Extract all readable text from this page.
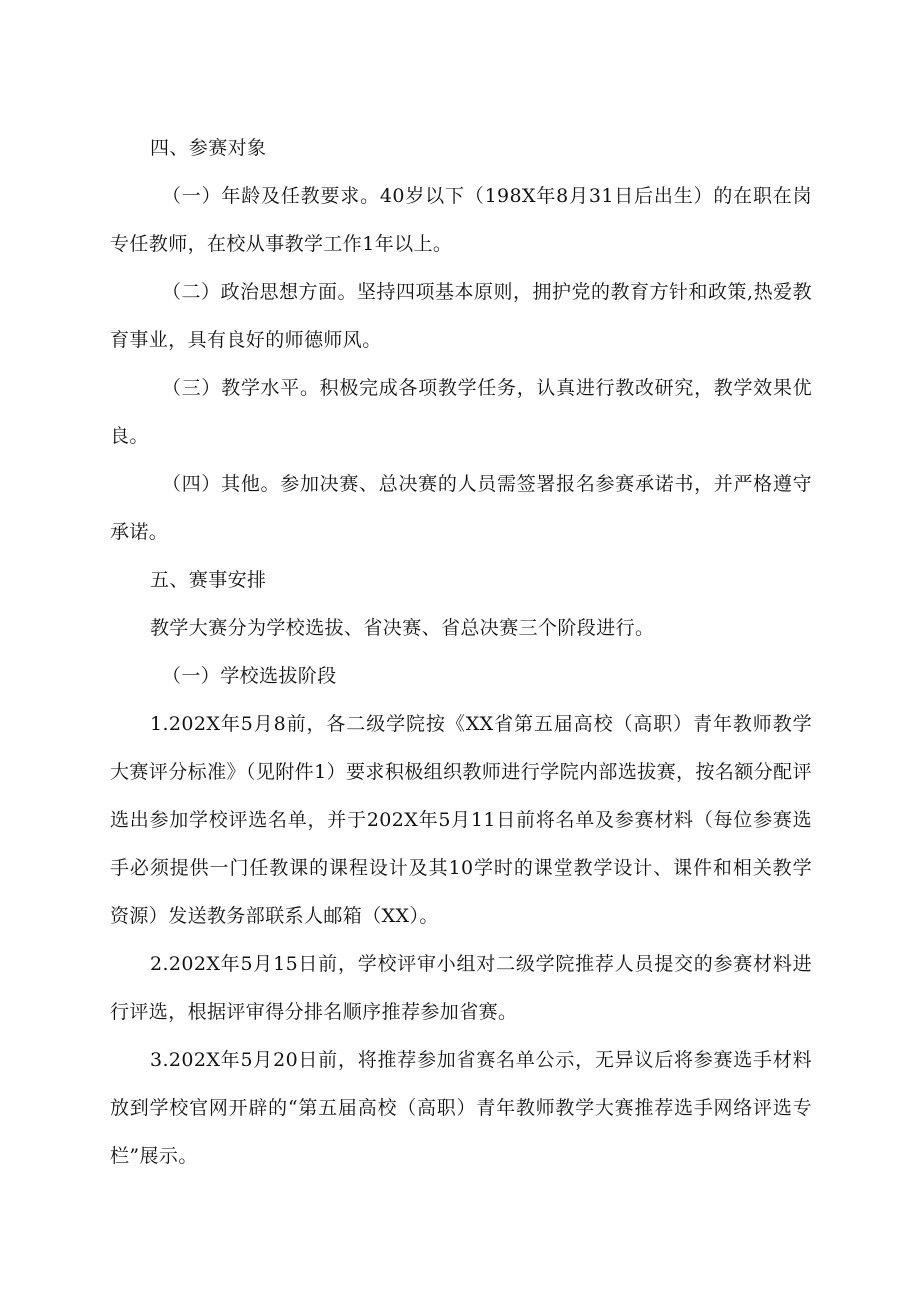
四、参赛对象

（一）年龄及任教要求。40岁以下（198X年8月31日后出生）的在职在岗专任教师，在校从事教学工作1年以上。

（二）政治思想方面。坚持四项基本原则，拥护党的教育方针和政策,热爱教育事业，具有良好的师德师风。

（三）教学水平。积极完成各项教学任务，认真进行教改研究，教学效果优良。

（四）其他。参加决赛、总决赛的人员需签署报名参赛承诺书，并严格遵守承诺。

五、赛事安排

教学大赛分为学校选拔、省决赛、省总决赛三个阶段进行。

（一）学校选拔阶段

1.202X年5月8前，各二级学院按《XX省第五届高校（高职）青年教师教学大赛评分标准》（见附件1）要求积极组织教师进行学院内部选拔赛，按名额分配评选出参加学校评选名单，并于202X年5月11日前将名单及参赛材料（每位参赛选手必须提供一门任教课的课程设计及其10学时的课堂教学设计、课件和相关教学资源）发送教务部联系人邮箱（XX）。

2.202X年5月15日前，学校评审小组对二级学院推荐人员提交的参赛材料进行评选，根据评审得分排名顺序推荐参加省赛。

3.202X年5月20日前，将推荐参加省赛名单公示，无异议后将参赛选手材料放到学校官网开辟的“第五届高校（高职）青年教师教学大赛推荐选手网络评选专栏”展示。
